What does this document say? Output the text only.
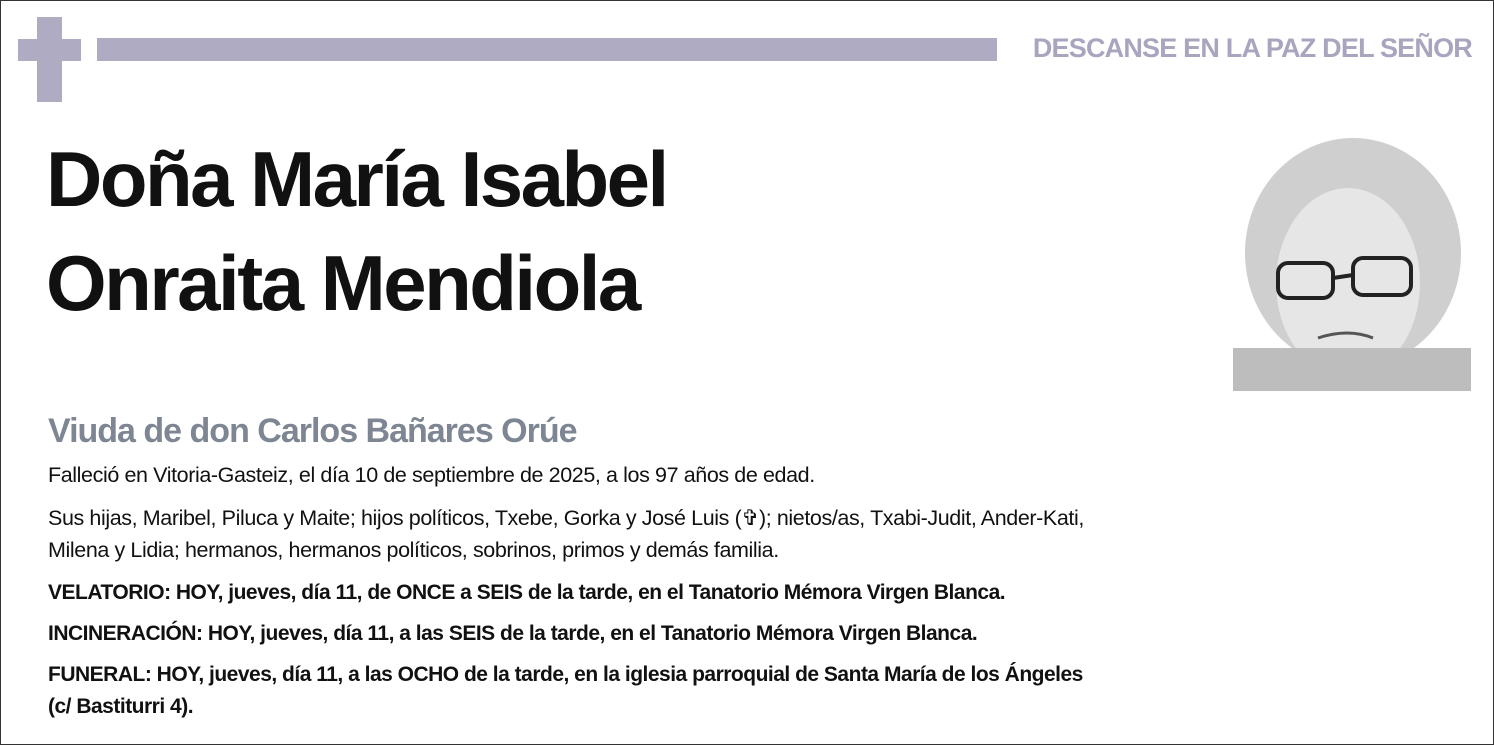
DESCANSE EN LA PAZ DEL SEÑOR
Doña María Isabel
Onraita Mendiola
Viuda de don Carlos Bañares Orúe
Falleció en Vitoria-Gasteiz, el día 10 de septiembre de 2025, a los 97 años de edad.
Sus hijas, Maribel, Piluca y Maite; hijos políticos, Txebe, Gorka y José Luis (✞); nietos/as, Txabi-Judit, Ander-Kati,
Milena y Lidia; hermanos, hermanos políticos, sobrinos, primos y demás familia.
VELATORIO: HOY, jueves, día 11, de ONCE a SEIS de la tarde, en el Tanatorio Mémora Virgen Blanca.
INCINERACIÓN: HOY, jueves, día 11, a las SEIS de la tarde, en el Tanatorio Mémora Virgen Blanca.
FUNERAL: HOY, jueves, día 11, a las OCHO de la tarde, en la iglesia parroquial de Santa María de los Ángeles
(c/ Bastiturri 4).
